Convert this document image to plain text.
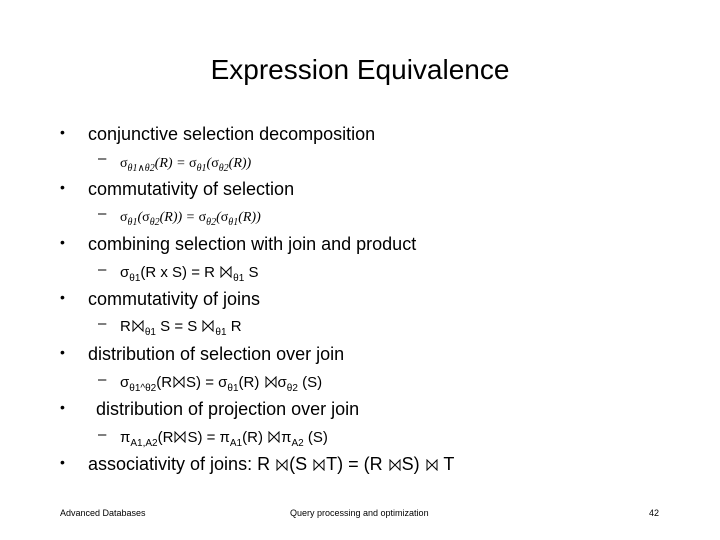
Expression Equivalence
• conjunctive selection decomposition
– $\sigma_{\theta 1\wedge\theta 2}(R) = \sigma_{\theta 1}(\sigma_{\theta 2}(R))$
• commutativity of selection
– $\sigma_{\theta 1}(\sigma_{\theta 2}(R)) = \sigma_{\theta 2}(\sigma_{\theta 1}(R))$
• combining selection with join and product
– $\sigma_{\theta 1}(R$ x S) = R $_{\theta 1}$ S
• commutativity of joins
– R $_{\theta 1}$ S = S $_{\theta 1}$ R
• distribution of selection over join
– $\sigma_{\theta 1\^{}\theta 2}(R$ $S) = \sigma_{\theta 1}(R)$ $\sigma_{\theta 2}$ (S)
• distribution of projection over join
– $\pi_{A1,A2}(R$ $S) = \pi_{A1}(R)$ $\pi_{A2}$ (S)
• associativity of joins: R (S T) = (R S) T
Advanced Databases	Query processing and optimization	42
